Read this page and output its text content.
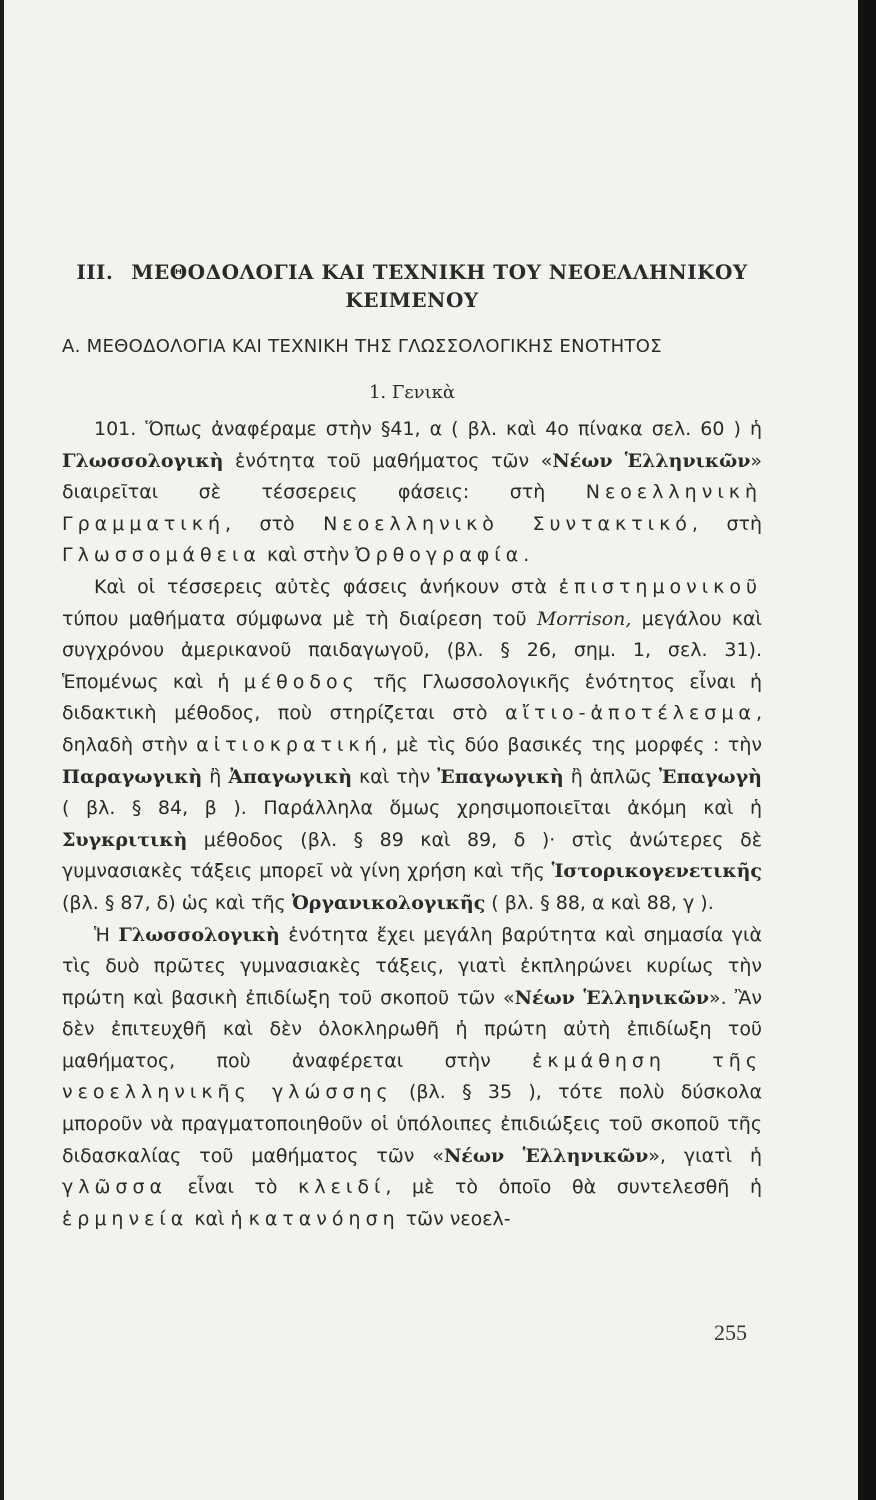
III. ΜΕΘΟΔΟΛΟΓΙΑ ΚΑΙ ΤΕΧΝΙΚΗ ΤΟΥ ΝΕΟΕΛΛΗΝΙΚΟΥ
ΚΕΙΜΕΝΟΥ

Α. ΜΕΘΟΔΟΛΟΓΙΑ ΚΑΙ ΤΕΧΝΙΚΗ ΤΗΣ ΓΛΩΣΣΟΛΟΓΙΚΗΣ ΕΝΟΤΗΤΟΣ

1. Γενικὰ

101. Ὅπως ἀναφέραμε στὴν §41, α ( βλ. καὶ 4ο πίνακα σελ. 60 ) ἡ Γλωσσολογικὴ ἑνότητα τοῦ μαθήματος τῶν «Νέων Ἑλληνικῶν» διαιρεῖται σὲ τέσσερεις φάσεις: στὴ Νεοελληνικὴ Γραμματική, στὸ Νεοελληνικὸ Συντακτικό, στὴ Γλωσσομάθεια καὶ στὴν Ὀρθογραφία.

Καὶ οἱ τέσσερεις αὐτὲς φάσεις ἀνήκουν στὰ ἐπιστημονικοῦ τύπου μαθήματα σύμφωνα μὲ τὴ διαίρεση τοῦ Morrison, μεγάλου καὶ συγχρόνου ἀμερικανοῦ παιδαγωγοῦ, (βλ. § 26, σημ. 1, σελ. 31). Ἑπομένως καὶ ἡ μέθοδος τῆς Γλωσσολογικῆς ἑνότητος εἶναι ἡ διδακτικὴ μέθοδος, ποὺ στηρίζεται στὸ αἴτιο-ἀποτέλεσμα, δηλαδὴ στὴν αἰτιοκρατική, μὲ τὶς δύο βασικές της μορφές : τὴν Παραγωγικὴ ἢ Ἀπαγωγικὴ καὶ τὴν Ἐπαγωγικὴ ἢ ἁπλῶς Ἐπαγωγὴ ( βλ. § 84, β ). Παράλληλα ὅμως χρησιμοποιεῖται ἀκόμη καὶ ἡ Συγκριτικὴ μέθοδος (βλ. § 89 καὶ 89, δ )· στὶς ἀνώτερες δὲ γυμνασιακὲς τάξεις μπορεῖ νὰ γίνη χρήση καὶ τῆς Ἱστορικογενετικῆς (βλ. § 87, δ) ὡς καὶ τῆς Ὀργανικολογικῆς ( βλ. § 88, α καὶ 88, γ ).

Ἡ Γλωσσολογικὴ ἑνότητα ἔχει μεγάλη βαρύτητα καὶ σημασία γιὰ τὶς δυὸ πρῶτες γυμνασιακὲς τάξεις, γιατὶ ἐκπληρώνει κυρίως τὴν πρώτη καὶ βασικὴ ἐπιδίωξη τοῦ σκοποῦ τῶν «Νέων Ἑλληνικῶν». Ἂν δὲν ἐπιτευχθῆ καὶ δὲν ὁλοκληρωθῆ ἡ πρώτη αὐτὴ ἐπιδίωξη τοῦ μαθήματος, ποὺ ἀναφέρεται στὴν ἐκμάθηση τῆς νεοελληνικῆς γλώσσης (βλ. § 35 ), τότε πολὺ δύσκολα μποροῦν νὰ πραγματοποιηθοῦν οἱ ὑπόλοιπες ἐπιδιώξεις τοῦ σκοποῦ τῆς διδασκαλίας τοῦ μαθήματος τῶν «Νέων Ἑλληνικῶν», γιατὶ ἡ γλῶσσα εἶναι τὸ κλειδί, μὲ τὸ ὁποῖο θὰ συντελεσθῆ ἡ ἑρμηνεία καὶ ἡ κατανόηση τῶν νεοελ-

255
